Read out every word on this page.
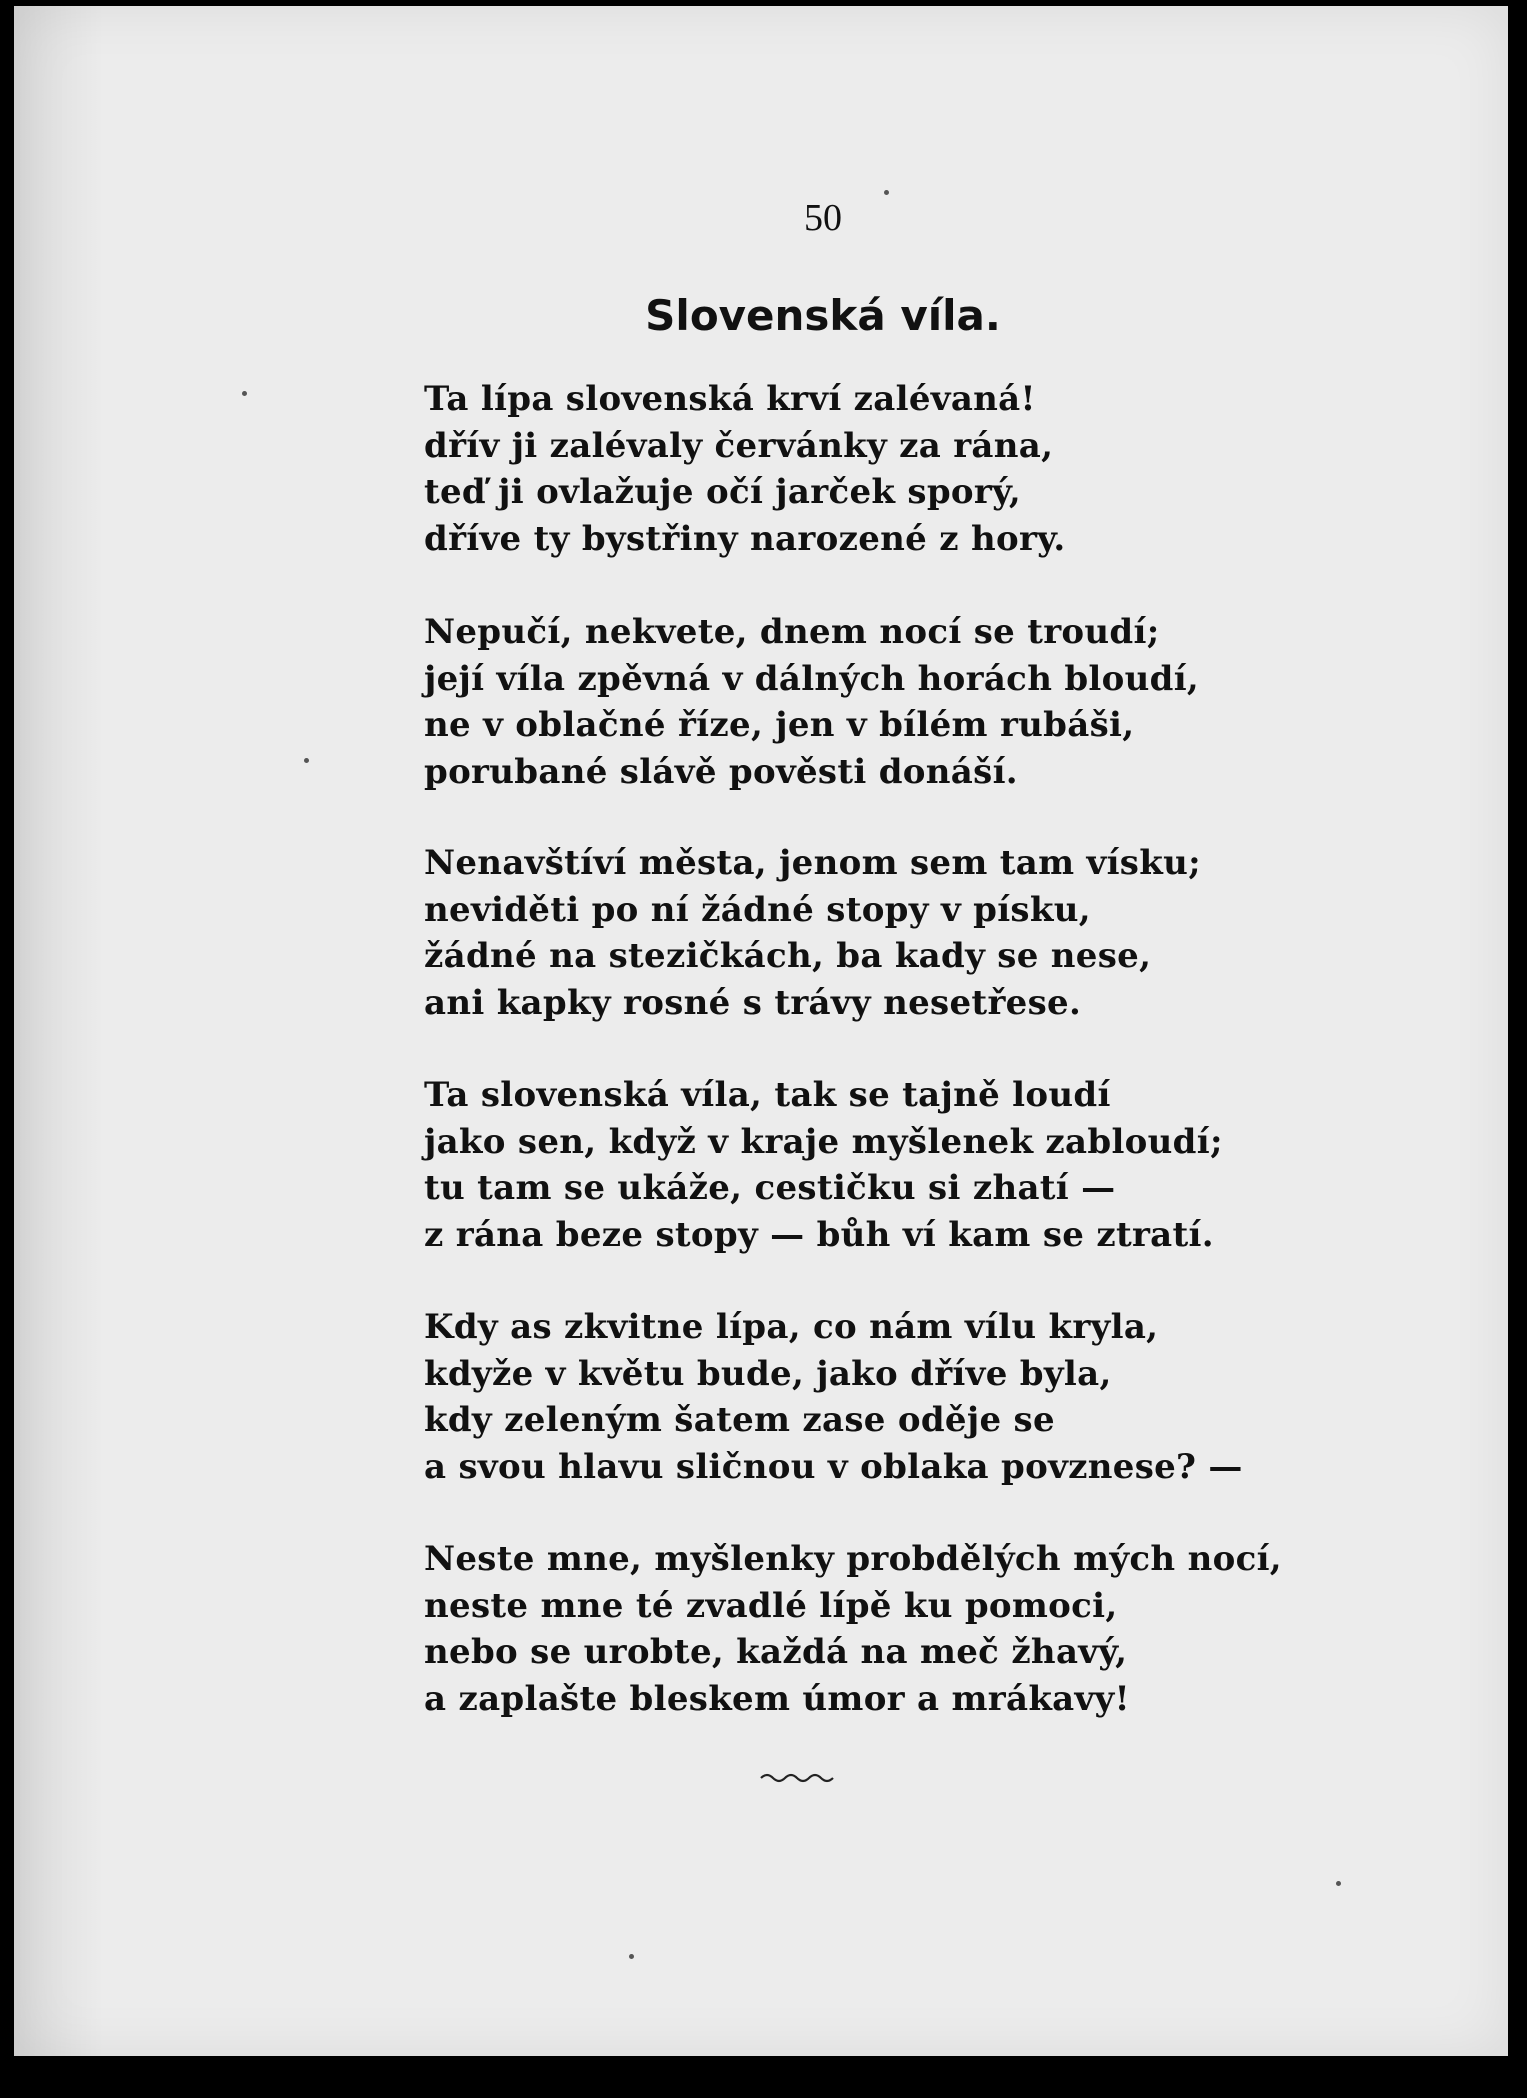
50
Slovenská víla.
Ta lípa slovenská krví zalévaná!
dřív ji zalévaly červánky za rána,
teď ji ovlažuje očí jarček sporý,
dříve ty bystřiny narozené z hory.
Nepučí, nekvete, dnem nocí se troudí;
její víla zpěvná v dálných horách bloudí,
ne v oblačné říze, jen v bílém rubáši,
porubané slávě pověsti donáší.
Nenavštíví města, jenom sem tam vísku;
neviděti po ní žádné stopy v písku,
žádné na stezičkách, ba kady se nese,
ani kapky rosné s trávy nesetřese.
Ta slovenská víla, tak se tajně loudí
jako sen, když v kraje myšlenek zabloudí;
tu tam se ukáže, cestičku si zhatí —
z rána beze stopy — bůh ví kam se ztratí.
Kdy as zkvitne lípa, co nám vílu kryla,
kdyže v květu bude, jako dříve byla,
kdy zeleným šatem zase oděje se
a svou hlavu sličnou v oblaka povznese? —
Neste mne, myšlenky probdělých mých nocí,
neste mne té zvadlé lípě ku pomoci,
nebo se urobte, každá na meč žhavý,
a zaplašte bleskem úmor a mrákavy!
